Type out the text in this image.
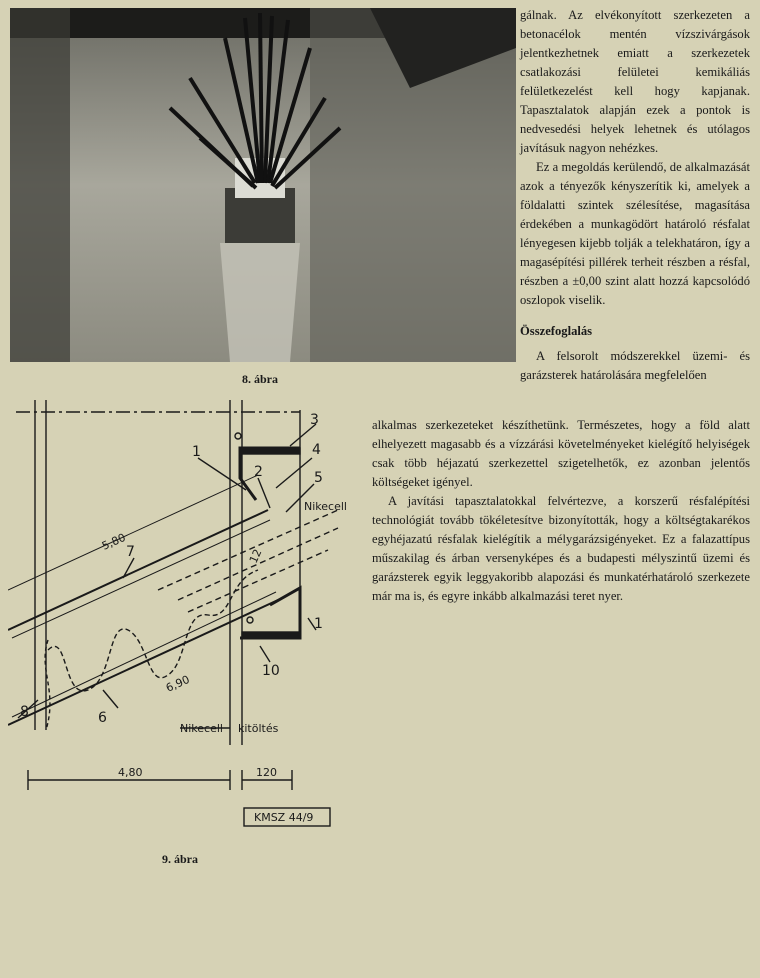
8. ábra
1
2
3
4
5
1
7
6
8
10
Nikecell
Nikecell kitöltés
5,80
6,90
12
4,80	120
KMSZ 44/9
9. ábra

gálnak. Az elvékonyított szerkezeten a betonacélok mentén vízszivárgások jelentkezhetnek emiatt a szerkezetek csatlakozási felületei kemikáliás felületkezelést kell hogy kapjanak. Tapasztalatok alapján ezek a pontok is nedvesedési helyek lehetnek és utólagos javításuk nagyon nehézkes.

Ez a megoldás kerülendő, de alkalmazását azok a tényezők kényszerítik ki, amelyek a földalatti szintek szélesítése, magasítása érdekében a munkagödört határoló résfalat lényegesen kijebb tolják a telekhatáron, így a magasépítési pillérek terheit részben a résfal, részben a ±0,00 szint alatt hozzá kapcsolódó oszlopok viselik.

Összefoglalás

A felsorolt módszerekkel üzemi- és garázsterek határolására megfelelően

alkalmas szerkezeteket készíthetünk. Természetes, hogy a föld alatt elhelyezett magasabb és a vízzárási követelményeket kielégítő helyiségek csak több héjazatú szerkezettel szigetelhetők, ez azonban jelentős költségeket igényel.

A javítási tapasztalatokkal felvértezve, a korszerű résfalépítési technológiát tovább tökéletesítve bizonyították, hogy a költségtakarékos egyhéjazatú résfalak kielégítik a mélygarázsigényeket. Ez a falazattípus műszakilag és árban versenyképes és a budapesti mélyszintű üzemi és garázsterek egyik leggyakoribb alapozási és munkatérhatároló szerkezete már ma is, és egyre inkább alkalmazási teret nyer.
